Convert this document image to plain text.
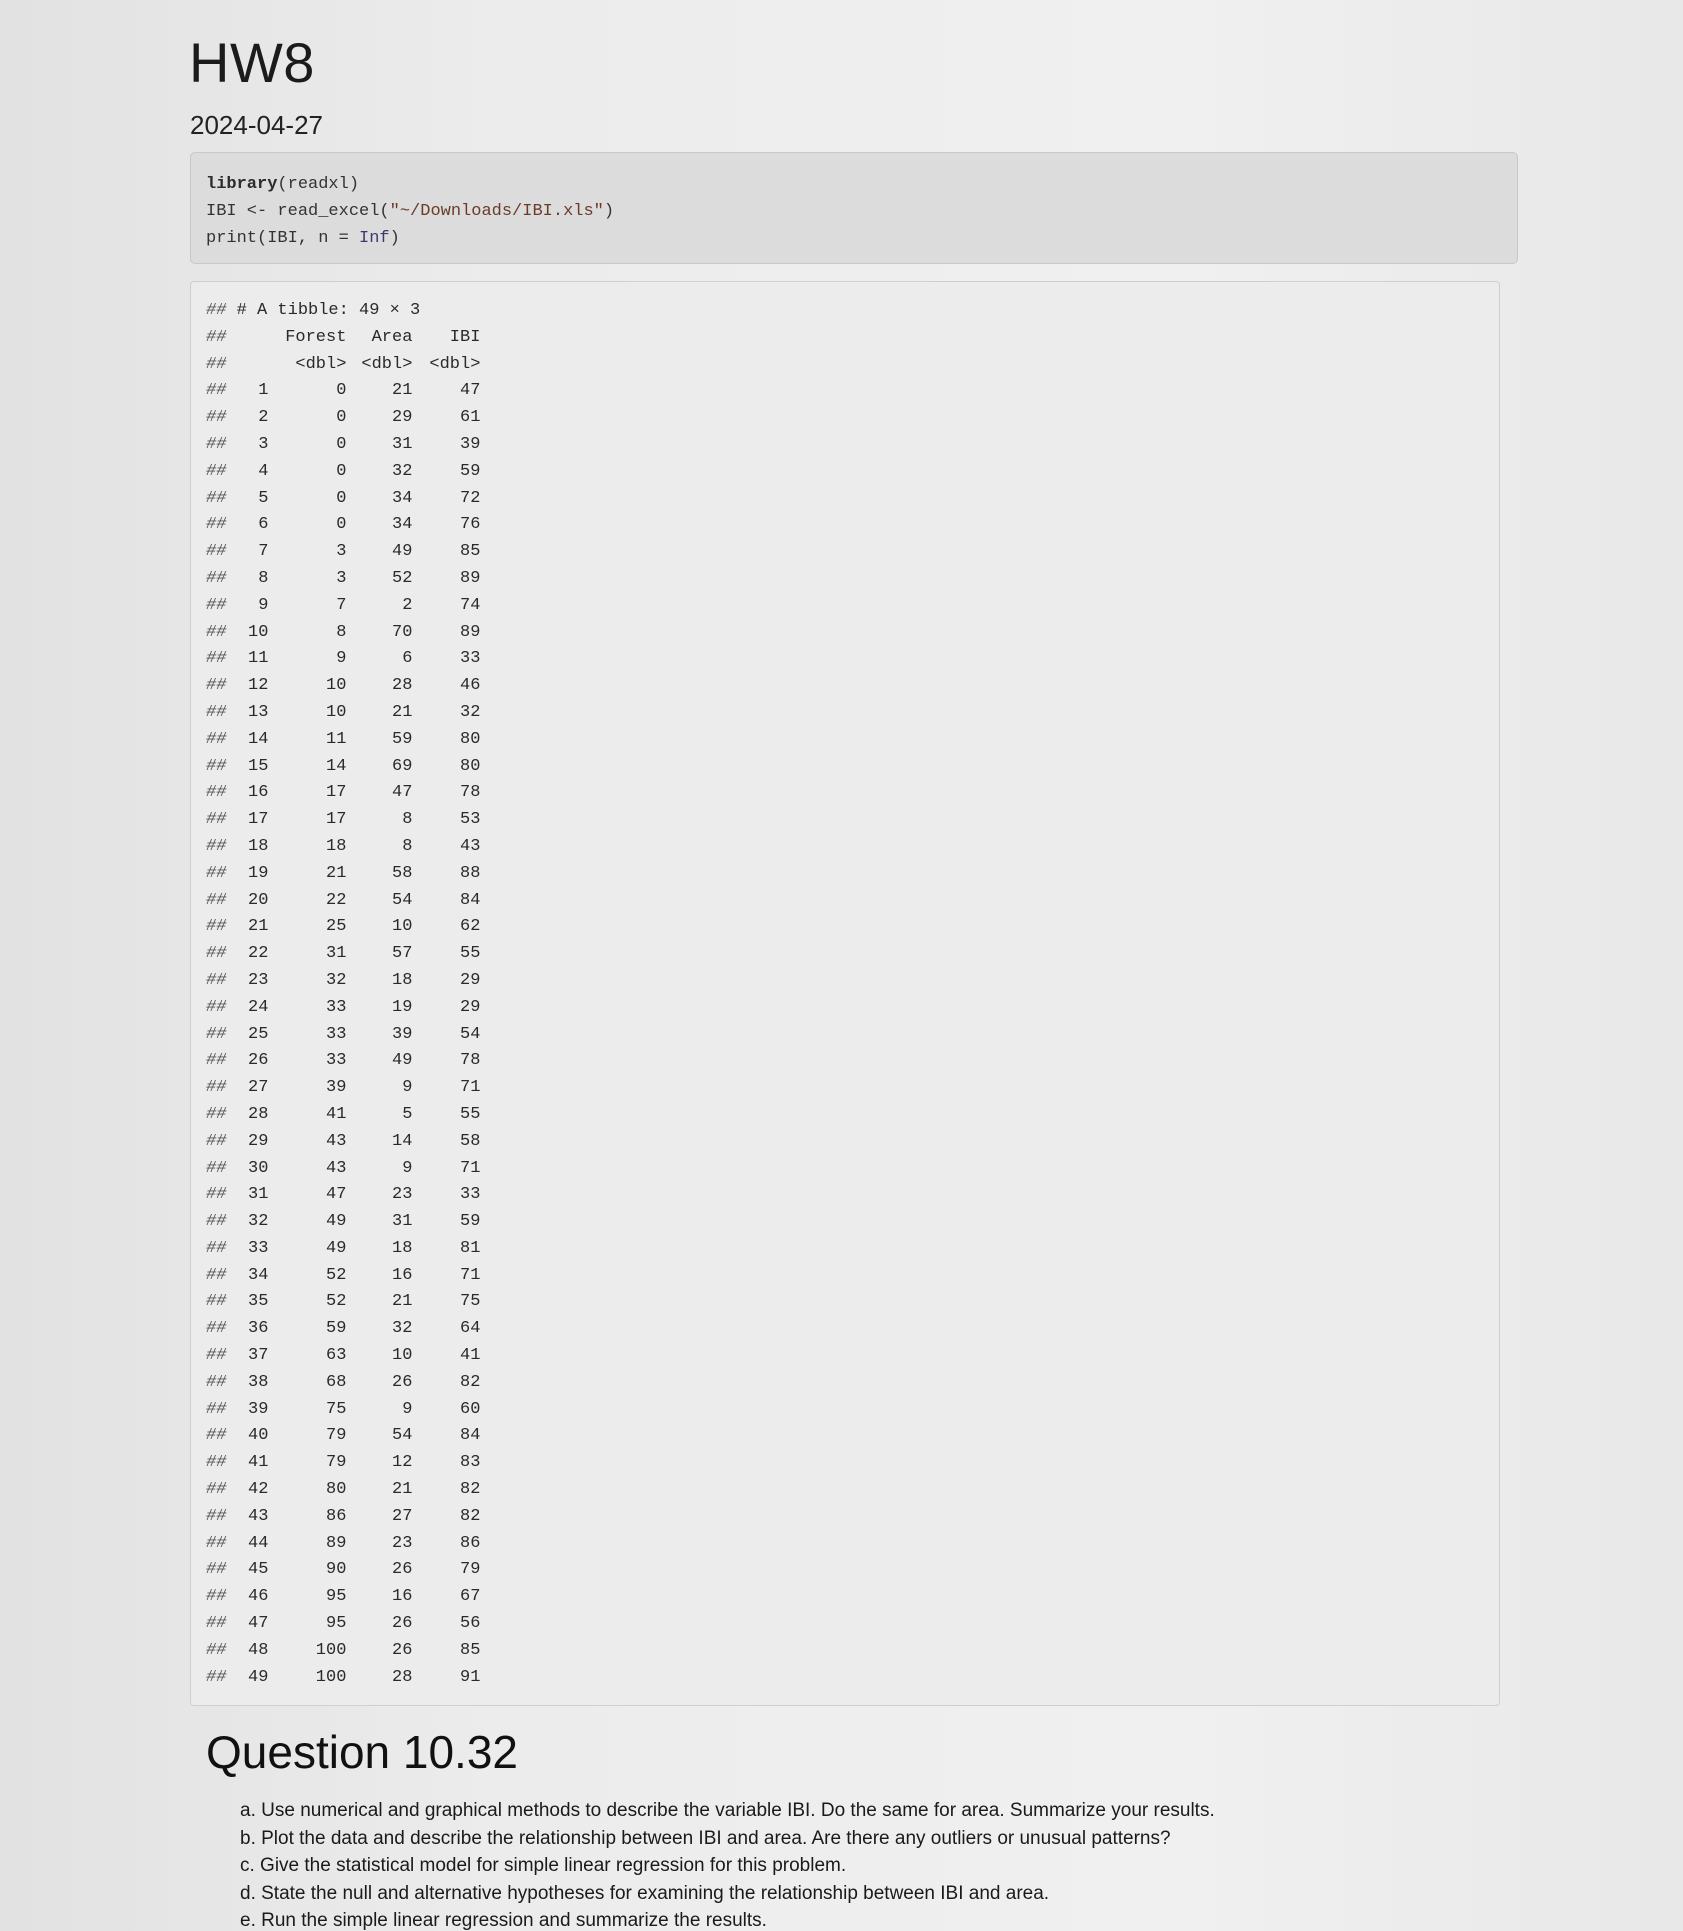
HW8
2024-04-27
library(readxl)
IBI <- read_excel("~/Downloads/IBI.xls")
print(IBI, n = Inf)
## # A tibble: 49 × 3
##	Forest Area IBI
##	<dbl> <dbl> <dbl>
## 1	0	21	47
## 2	0	29	61
## 3	0	31	39
## 4	0	32	59
## 5	0	34	72
## 6	0	34	76
## 7	3	49	85
## 8	3	52	89
## 9	7	2	74
## 10	8	70	89
## 11	9	6	33
## 12	10	28	46
## 13	10	21	32
## 14	11	59	80
## 15	14	69	80
## 16	17	47	78
## 17	17	8	53
## 18	18	8	43
## 19	21	58	88
## 20	22	54	84
## 21	25	10	62
## 22	31	57	55
## 23	32	18	29
## 24	33	19	29
## 25	33	39	54
## 26	33	49	78
## 27	39	9	71
## 28	41	5	55
## 29	43	14	58
## 30	43	9	71
## 31	47	23	33
## 32	49	31	59
## 33	49	18	81
## 34	52	16	71
## 35	52	21	75
## 36	59	32	64
## 37	63	10	41
## 38	68	26	82
## 39	75	9	60
## 40	79	54	84
## 41	79	12	83
## 42	80	21	82
## 43	86	27	82
## 44	89	23	86
## 45	90	26	79
## 46	95	16	67
## 47	95	26	56
## 48	100	26	85
## 49	100	28	91
Question 10.32
a. Use numerical and graphical methods to describe the variable IBI. Do the same for area. Summarize your results.
b. Plot the data and describe the relationship between IBI and area. Are there any outliers or unusual patterns?
c. Give the statistical model for simple linear regression for this problem.
d. State the null and alternative hypotheses for examining the relationship between IBI and area.
e. Run the simple linear regression and summarize the results.
